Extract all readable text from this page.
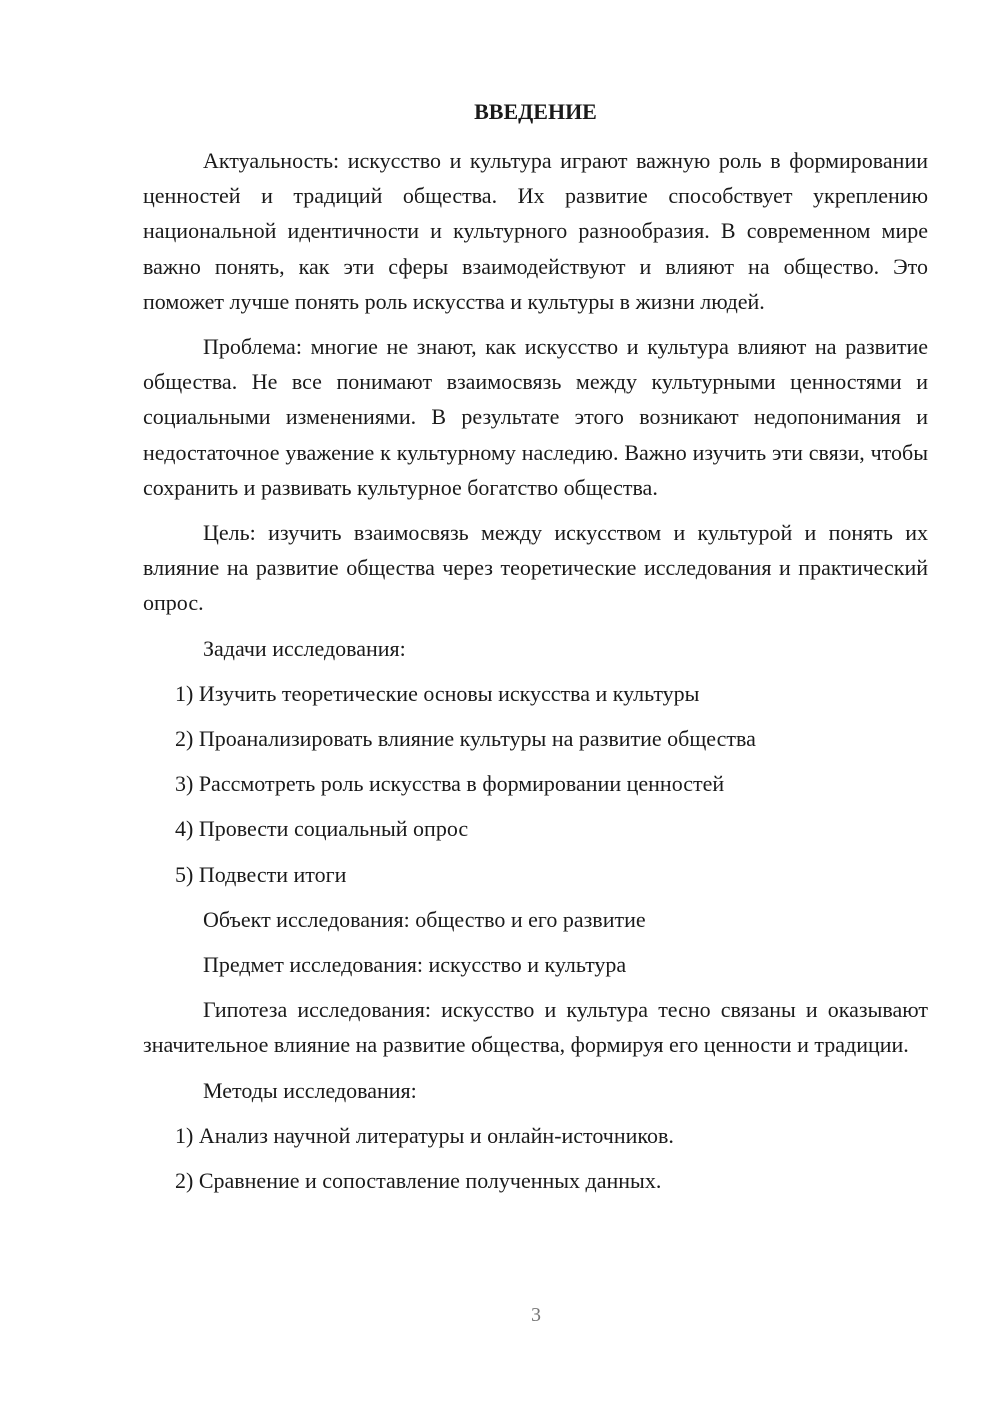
ВВЕДЕНИЕ

Актуальность: искусство и культура играют важную роль в формировании ценностей и традиций общества. Их развитие способствует укреплению национальной идентичности и культурного разнообразия. В современном мире важно понять, как эти сферы взаимодействуют и влияют на общество. Это поможет лучше понять роль искусства и культуры в жизни людей.

Проблема: многие не знают, как искусство и культура влияют на развитие общества. Не все понимают взаимосвязь между культурными ценностями и социальными изменениями. В результате этого возникают недопонимания и недостаточное уважение к культурному наследию. Важно изучить эти связи, чтобы сохранить и развивать культурное богатство общества.

Цель: изучить взаимосвязь между искусством и культурой и понять их влияние на развитие общества через теоретические исследования и практический опрос.

Задачи исследования:

1) Изучить теоретические основы искусства и культуры

2) Проанализировать влияние культуры на развитие общества

3) Рассмотреть роль искусства в формировании ценностей

4) Провести социальный опрос

5) Подвести итоги

Объект исследования: общество и его развитие

Предмет исследования: искусство и культура

Гипотеза исследования: искусство и культура тесно связаны и оказывают значительное влияние на развитие общества, формируя его ценности и традиции.

Методы исследования:

1) Анализ научной литературы и онлайн-источников.

2) Сравнение и сопоставление полученных данных.

3
